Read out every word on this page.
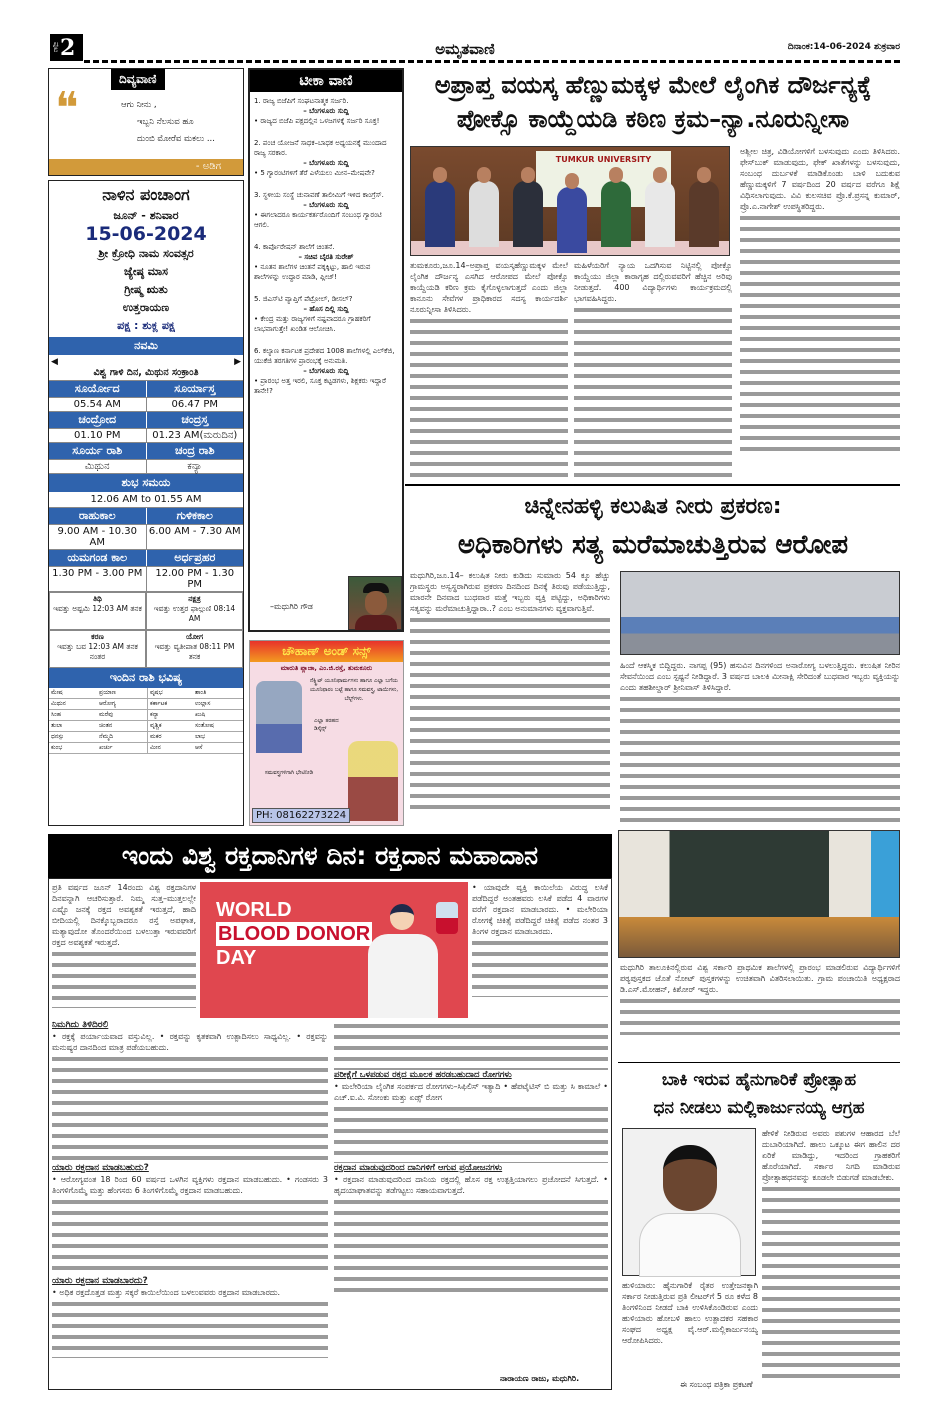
ಪುಟ 2	ಅಮೃತವಾಣಿ	ದಿನಾಂಕ:14-06-2024 ಶುಕ್ರವಾರ
ದಿವ್ಯವಾಣಿ
❝	ಆಗು ನೀನು ,
ಇಬ್ಬನಿ ನೆಲಸುವ ಹೂ
ದುಂಬಿ ಮೋರೆವ ಮಕಲು ...
- ಅಡಿಗ
ನಾಳಿನ ಪಂಚಾಂಗ
ಜೂನ್ - ಶನಿವಾರ
15-06-2024
ಶ್ರೀ ಕ್ರೋಧಿ ನಾಮ ಸಂವತ್ಸರ
ಜ್ಯೇಷ್ಠ ಮಾಸ
ಗ್ರೀಷ್ಮ ಋತು
ಉತ್ತರಾಯಣ
ಪಕ್ಷ : ಶುಕ್ಲ ಪಕ್ಷ
ನವಮಿ
◀	▶
ವಿಶ್ವ ಗಾಳಿ ದಿನ, ಮಿಥುನ ಸಂಕ್ರಾಂತಿ
ಸೂರ್ಯೋದ	ಸೂರ್ಯಾಸ್ತ
05.54 AM	06.47 PM
ಚಂದ್ರೋದ	ಚಂದ್ರಸ್ತ
01.10 PM	01.23 AM(ಮರುದಿನ)
ಸೂರ್ಯ ರಾಶಿ	ಚಂದ್ರ ರಾಶಿ
ಮಿಥುನ	ಕನ್ಯಾ
ಶುಭ ಸಮಯ
12.06 AM to 01.55 AM
ರಾಹುಕಾಲ	ಗುಳಿಕಕಾಲ
9.00 AM - 10.30 AM
6.00 AM - 7.30 AM
ಯಮಗಂಡ ಕಾಲ	ಅರ್ಧಪ್ರಹರ
1.30 PM - 3.00 PM	12.00 PM - 1.30 PM
ತಿಥಿ
ಇವತ್ತು ಅಷ್ಟಮಿ 12:03 AM ತನಕ
ನಕ್ಷತ್ರ
ಇವತ್ತು ಉತ್ತರ ಫಾಲ್ಗುಣಿ 08:14 AM
ಕರಣ
ಇವತ್ತು ಬವ 12:03 AM ತನಕ ನಂತರ
ಯೋಗ
ಇವತ್ತು ವ್ಯತೀಪಾತ 08:11 PM ತನಕ
ಇಂದಿನ ರಾಶಿ ಭವಿಷ್ಯ
ಮೇಷ	ಪ್ರಯಾಣ	ವೃಷಭ	ಶಾಂತಿ
ಮಿಥುನ	ಆರೋಗ್ಯ	ಕರ್ಕಾಟಕ	ಉಲ್ಲಾಸ
ಸಿಂಹ	ಮರೆವು	ಕನ್ಯಾ	ಖುಷಿ
ತುಲಾ	ಚಿಂತನ	ವೃಶ್ಚಿಕ	ಸಂತೋಷ
ಧನಸ್ಸು	ನೆಮ್ಮದಿ	ಮಕರ	ಲಾಭ
ಕುಂಭ	ಖರ್ಚು	ಮೀನ	ಆಸೆ
ಟೀಕಾ ವಾಣಿ
1. ರಾಜ್ಯ ಬಿಜೆಪಿಗೆ ಸಂಘಟನಾತ್ಮಕ ಸರ್ಜರಿ.
– ಬೆಂಗಳೂರು ಸುದ್ದಿ
• ರಾಜ್ಯದ ಬಿಜೆಪಿ ಪಕ್ಷದಲ್ಲಿನ ಒಳಜಗಳಕ್ಕೆ ಸರ್ಜರಿ ಸೂಕ್ತ!
2. ಪಂಚ ಯೋಜನೆ ಸಾಧಕ–ಬಾಧಕ ಅಧ್ಯಯನಕ್ಕೆ ಮುಂದಾದ ರಾಜ್ಯ ಸರಕಾರ.
– ಬೆಂಗಳೂರು ಸುದ್ದಿ
• 5 ಗ್ಯಾರಂಟಿಗಳಿಗೆ ತೆರೆ ಎಳೆಯಲು ಮೀನ–ಮೇಷವೇ?
3. ಸ್ಥಳೀಯ ಸಂಸ್ಥೆ ಚುನಾವಣೆ ತಾಲೀಮಿಗೆ ಇಳಿದ ಕಾಂಗ್ರೆಸ್.
– ಬೆಂಗಳೂರು ಸುದ್ದಿ
• ಈಗಲಾದರೂ ಕಾರ್ಯಕರ್ತರೊಂದಿಗೆ ಸಂಬಂಧ ಗ್ಯಾರಂಟಿ ಆಗಲಿ.
4. ಕಾರ್ಪೊರೇಷನ್ ಶಾಲೆಗೆ ಚಿಂತನೆ.
– ಸಚಿವ ಬೈರತಿ ಸುರೇಶ್
• ನೂತನ ಶಾಲೆಗಳ ಚಿಂತನೆ ಪಕ್ಕಕ್ಕಿಟ್ಟು, ಹಾಲಿ ಇರುವ ಶಾಲೆಗಳನ್ನು ಉದ್ಧಾರ ಮಾಡಿ, ಪ್ಲೀಜ್!
5. ಜಿಎಸ್‌ಟಿ ವ್ಯಾಪ್ತಿಗೆ ಪೆಟ್ರೋಲ್, ಡೀಸಲ್?
– ಹೊಸ ದಿಲ್ಲಿ ಸುದ್ದಿ
• ಕೇಂದ್ರ ಮತ್ತು ರಾಜ್ಯಗಳಿಗೆ ನಷ್ಟವಾದರೂ ಗ್ರಾಹಕರಿಗೆ ಲಾಭವಾಗುತ್ತೇ! ಖಂಡಿತ ಆಲೋಚಿಸಿ.
6. ಕಲ್ಯಾಣ ಕರ್ನಾಟಕ ಪ್ರದೇಶದ 1008 ಶಾಲೆಗಳಲ್ಲಿ ಎಲ್‌ಕೆಜಿ, ಯುಕೆಜಿ ತರಗತಿಗಳ ಪ್ರಾರಂಭಕ್ಕೆ ಅನುಮತಿ.
– ಬೆಂಗಳೂರು ಸುದ್ದಿ
• ಪ್ರಾರಂಭ ಅತ್ತ ಇರಲಿ, ಸೂಕ್ತ ಕಟ್ಟಡಗಳು, ಶಿಕ್ಷಕರು ಇದ್ದಾರೆ ತಾನೇ!?
–ಮಧುಗಿರಿ ಗೌಡ
ಚೌಹಾಣ್ ಅಂಡ್ ಸನ್ಸ್
ಮಾರುತಿ ಪ್ಲಾಜಾ, ಎಂ.ಜಿ.ರಸ್ತೆ, ತುಮಕೂರು
ನೆಕ್ಸ್ಟ್ರಿಟ್ ಯೂನಿಫಾರ್ಮಗಳು ಹಾಗೂ ಎಲ್ಲಾ ಬಗೆಯ ಯೂನಿಫಾರಂ ಬಟ್ಟೆ ಹಾಗೂ ಸಮವಸ್ತ್ರ, ಟಾಯಿಗಳು, ಬೆಲ್ಟ್‌ಗಳು.
ಎಲ್ಲಾ ತರಹದ ಡಿಸೈನ್ಸ್
ಸಮವಸ್ತ್ರಗಳಿಗಾಗಿ ಭೇಟಿನೀಡಿ
PH: 08162273224
ಅಪ್ರಾಪ್ತ ವಯಸ್ಕ ಹೆಣ್ಣುಮಕ್ಕಳ ಮೇಲೆ ಲೈಂಗಿಕ ದೌರ್ಜನ್ಯಕ್ಕೆ
ಪೋಕ್ಸೊ ಕಾಯ್ದೆಯಡಿ ಕಠಿಣ ಕ್ರಮ–ನ್ಯಾ.ನೂರುನ್ನೀಸಾ
TUMKUR UNIVERSITY
ತುಮಕೂರು,ಜೂ.14–ಅಪ್ರಾಪ್ತ ವಯಸ್ಕಹೆಣ್ಣುಮಕ್ಕಳ ಮೇಲೆ ಲೈಂಗಿಕ ದೌರ್ಜನ್ಯ ಎಸಗಿದ ಆರೋಪದ ಮೇಲೆ ಪೋಕ್ಸೊ ಕಾಯ್ದೆಯಡಿ ಕಠಿಣ ಕ್ರಮ ಕೈಗೊಳ್ಳಲಾಗುತ್ತದೆ ಎಂದು ಜಿಲ್ಲಾ ಕಾನೂನು ಸೇವೆಗಳ ಪ್ರಾಧಿಕಾರದ ಸದಸ್ಯ ಕಾರ್ಯದರ್ಶಿ ನೂರುನ್ನೀಸಾ ತಿಳಿಸಿದರು.
ಮಹಿಳೆಯರಿಗೆ ನ್ಯಾಯ ಒದಗಿಸುವ ನಿಟ್ಟಿನಲ್ಲಿ ಪೋಕ್ಸೊ ಕಾಯ್ದೆಯು ಜಿಲ್ಲಾ ಕಾರಾಗೃಹ ದಲ್ಲಿರುವವರಿಗೆ ಹೆಚ್ಚಿನ ಅರಿವು ನೀಡುತ್ತದೆ. 400 ವಿದ್ಯಾರ್ಥಿಗಳು ಕಾರ್ಯಕ್ರಮದಲ್ಲಿ ಭಾಗವಹಿಸಿದ್ದರು.
ಅಶ್ಲೀಲ ಚಿತ್ರ, ವಿಡಿಯೋಗಳಿಗೆ ಬಳಸುವುದು ಎಂದು ತಿಳಿಸಿದರು. ಫೇಸ್‌ಬುಕ್ ಮಾಡುವುದು, ಫೇಕ್ ಖಾತೆಗಳನ್ನು ಬಳಸುವುದು, ಸಂಬಂಧ ದುರ್ಬಳಕೆ ಮಾಡಿಕೊಂಡು ಬಾಳಿ ಬದುಕುವ ಹೆಣ್ಣುಮಕ್ಕಳಿಗೆ 7 ವರ್ಷದಿಂದ 20 ವರ್ಷದ ವರೆಗೂ ಶಿಕ್ಷೆ ವಿಧಿಸಲಾಗುವುದು. ವಿವಿ ಕುಲಸಚಿವ ಪ್ರೊ.ಕೆ.ಪ್ರಸನ್ನ ಕುಮಾರ್, ಪ್ರೊ.ಎ.ನಾಗೇಶ್ ಉಪಸ್ಥಿತರಿದ್ದರು.
ಚಿನ್ನೇನಹಳ್ಳಿ ಕಲುಷಿತ ನೀರು ಪ್ರಕರಣ:
ಅಧಿಕಾರಿಗಳು ಸತ್ಯ ಮರೆಮಾಚುತ್ತಿರುವ ಆರೋಪ
ಮಧುಗಿರಿ,ಜೂ.14– ಕಲುಷಿತ ನೀರು ಕುಡಿದು ಸುಮಾರು 54 ಕ್ಕೂ ಹೆಚ್ಚು ಗ್ರಾಮಸ್ಥರು ಅಸ್ವಸ್ಥರಾಗಿರುವ ಪ್ರಕರಣ ದಿನದಿಂದ ದಿನಕ್ಕೆ ತಿರುವು ಪಡೆಯುತ್ತಿದ್ದು, ಮಾರನೇ ದಿನವಾದ ಬುಧವಾರ ಮತ್ತೆ ಇಬ್ಬರು ವ್ಯಕ್ತಿ ಪಟ್ಟಿದ್ದು, ಅಧಿಕಾರಿಗಳು ಸತ್ಯವನ್ನು ಮರೆಮಾಚುತ್ತಿದ್ದಾರಾ..? ಎಂಬ ಅನುಮಾನಗಳು ವ್ಯಕ್ತವಾಗುತ್ತಿವೆ.
ಹಿಂದೆ ಆಕಸ್ಮಿಕ ಬಿದ್ದಿದ್ದರು. ನಾಗಪ್ಪ (95) ಹಸುವಿನ ದಿನಗಳಿಂದ ಅನಾರೋಗ್ಯ ಬಳಲುತ್ತಿದ್ದರು. ಕಲುಷಿತ ನೀರಿನ ಸೇವನೆಯಿಂದ ಎಂಬ ಸ್ಪಷ್ಟನೆ ನೀಡಿದ್ದಾರೆ. 3 ವರ್ಷದ ಬಾಲಕಿ ಮೀನಾಕ್ಷಿ ಸೇರಿದಂತೆ ಬುಧವಾರ ಇಬ್ಬರು ವ್ಯಕ್ತಿಯನ್ನು ಎಂದು ತಹಶೀಲ್ದಾರ್ ಶ್ರೀನಿವಾಸ್ ತಿಳಿಸಿದ್ದಾರೆ.
ಇಂದು ವಿಶ್ವ ರಕ್ತದಾನಿಗಳ ದಿನ: ರಕ್ತದಾನ ಮಹಾದಾನ
WORLD
BLOOD DONOR
DAY
ಪ್ರತಿ ವರ್ಷದ ಜೂನ್ 14ರಂದು ವಿಶ್ವ ರಕ್ತದಾನಿಗಳ ದಿನವನ್ನಾಗಿ ಆಚರಿಸುತ್ತಾರೆ. ನಿಮ್ಮ ಸುತ್ತ–ಮುತ್ತಲಲ್ಲೇ ಎಷ್ಟೊ ಜನಕ್ಕೆ ರಕ್ತದ ಅವಶ್ಯಕತೆ ಇರುತ್ತದೆ, ಹಾದಿ ಬೀದಿಯಲ್ಲಿ ದಿನಕ್ಕೊಬ್ಬರಾದರೂ ರಸ್ತೆ ಅಪಘಾತ, ಮತ್ಯಾವುದೋ ತೊಂದರೆಯಿಂದ ಬಳಲುತ್ತಾ ಇರುವವರಿಗೆ ರಕ್ತದ ಅವಶ್ಯಕತೆ ಇರುತ್ತದೆ.
ನಿಮಗಿದು ತಿಳಿದಿರಲಿ
• ರಕ್ತಕ್ಕೆ ಪರ್ಯಾಯವಾದ ವಸ್ತುವಿಲ್ಲ. • ರಕ್ತವನ್ನು ಕೃತಕವಾಗಿ ಉತ್ಪಾದಿಸಲು ಸಾಧ್ಯವಿಲ್ಲ. • ರಕ್ತವನ್ನು ಮನುಷ್ಯರ ದಾನದಿಂದ ಮಾತ್ರ ಪಡೆಯಬಹುದು.
ಯಾರು ರಕ್ತದಾನ ಮಾಡಬಹುದು?
• ಆರೋಗ್ಯವಂತ 18 ರಿಂದ 60 ವರ್ಷದ ಒಳಗಿನ ವ್ಯಕ್ತಿಗಳು ರಕ್ತದಾನ ಮಾಡಬಹುದು. • ಗಂಡಸರು 3 ತಿಂಗಳಿಗೊಮ್ಮೆ ಮತ್ತು ಹೆಂಗಸರು 6 ತಿಂಗಳಿಗೊಮ್ಮೆ ರಕ್ತದಾನ ಮಾಡಬಹುದು.
ಯಾರು ರಕ್ತದಾನ ಮಾಡಬಾರದು?
• ಅಧಿಕ ರಕ್ತದೊತ್ತಡ ಮತ್ತು ಸಕ್ಕರೆ ಕಾಯಿಲೆಯಿಂದ ಬಳಲುವವರು ರಕ್ತದಾನ ಮಾಡಬಾರದು.
• ಯಾವುದೇ ವ್ಯಕ್ತಿ ಕಾಯಿಲೆಯ ವಿರುದ್ಧ ಲಸಿಕೆ ಪಡೆದಿದ್ದರೆ ಅಂತಹವರು ಲಸಿಕೆ ಪಡೆದ 4 ವಾರಗಳ ವರೆಗೆ ರಕ್ತದಾನ ಮಾಡಬಾರದು. • ಮಲೇರಿಯಾ ರೋಗಕ್ಕೆ ಚಿಕಿತ್ಸೆ ಪಡೆದಿದ್ದರೆ ಚಿಕಿತ್ಸೆ ಪಡೆದ ನಂತರ 3 ತಿಂಗಳ ರಕ್ತದಾನ ಮಾಡಬಾರದು.
ಪರೀಕ್ಷೆಗೆ ಒಳಪಡುವ ರಕ್ತದ ಮೂಲಕ ಹರಡಬಹುದಾದ ರೋಗಗಳು
• ಮಲೇರಿಯಾ ಲೈಂಗಿಕ ಸಂಪರ್ಕದ ರೋಗಗಳು–ಸಿಫಿಲಿಸ್ ಇತ್ಯಾದಿ • ಹೆಪಟೈಟಿಸ್ ಬಿ ಮತ್ತು ಸಿ ಕಾಮಾಲೆ • ಎಚ್.ಐ.ವಿ. ಸೋಂಕು ಮತ್ತು ಏಡ್ಸ್ ರೋಗ
ರಕ್ತದಾನ ಮಾಡುವುದರಿಂದ ದಾನಿಗಳಿಗೆ ಆಗುವ ಪ್ರಯೋಜನಗಳು
• ರಕ್ತದಾನ ಮಾಡುವುದರಿಂದ ದಾನಿಯ ರಕ್ತದಲ್ಲಿ ಹೊಸ ರಕ್ತ ಉತ್ಪತ್ತಿಯಾಗಲು ಪ್ರಚೋದನೆ ಸಿಗುತ್ತದೆ. • ಹೃದಯಾಘಾತವನ್ನು ತಡೆಗಟ್ಟಲು ಸಹಾಯವಾಗುತ್ತದೆ.
ನಾರಾಯಣ ರಾಜು, ಮಧುಗಿರಿ.
ಮಧುಗಿರಿ ತಾಲೂಕಿನಲ್ಲಿರುವ ವಿಶ್ವ ಸರ್ಕಾರಿ ಪ್ರಾಥಮಿಕ ಶಾಲೆಗಳಲ್ಲಿ ಪ್ರಾರಂಭ ಮಾಡಲಿರುವ ವಿದ್ಯಾರ್ಥಿಗಳಿಗೆ ಪಠ್ಯಪುಸ್ತಕದ ಜೊತೆ ನೋಟ್ ಪುಸ್ತಕಗಳನ್ನು ಉಚಿತವಾಗಿ ವಿತರಿಸಲಾಯಿತು. ಗ್ರಾಮ ಪಂಚಾಯಿತಿ ಅಧ್ಯಕ್ಷರಾದ ಡಿ.ಎಸ್.ಮೋಹನ್, ಕಿಶೋರ್ ಇದ್ದರು.
ಬಾಕಿ ಇರುವ ಹೈನುಗಾರಿಕೆ ಪ್ರೋತ್ಸಾಹ
ಧನ ನೀಡಲು ಮಲ್ಲಿಕಾರ್ಜುನಯ್ಯ ಆಗ್ರಹ
ಹೇಳಿಕೆ ನೀಡಿರುವ ಅವರು ಪಶುಗಳ ಆಹಾರದ ಬೆಲೆ ದುಬಾರಿಯಾಗಿದೆ. ಹಾಲು ಒಕ್ಕೂಟ ಈಗ ಹಾಲಿನ ದರ ಏರಿಕೆ ಮಾಡಿದ್ದು, ಇದರಿಂದ ಗ್ರಾಹಕರಿಗೆ ಹೊರೆಯಾಗಿದೆ. ಸರ್ಕಾರ ನಿಗದಿ ಮಾಡಿರುವ ಪ್ರೋತ್ಸಾಹಧನವನ್ನು ಕೂಡಲೇ ಬಿಡುಗಡೆ ಮಾಡಬೇಕು.
ಹುಳಿಯಾರು: ಹೈನುಗಾರಿಕೆ ರೈತರ ಉತ್ತೇಜನಕ್ಕಾಗಿ ಸರ್ಕಾರ ನೀಡುತ್ತಿರುವ ಪ್ರತಿ ಲೀಟರ್‌ಗೆ 5 ರೂ ಕಳೆದ 8 ತಿಂಗಳಿನಿಂದ ನೀಡದೆ ಬಾಕಿ ಉಳಿಸಿಕೊಂಡಿರುವ ಎಂದು ಹುಳಿಯಾರು ಹೋಬಳಿ ಹಾಲು ಉತ್ಪಾದಕರ ಸಹಕಾರ ಸಂಘದ ಅಧ್ಯಕ್ಷ ವೈ.ಆರ್.ಮಲ್ಲಿಕಾರ್ಜುನಯ್ಯ ಆರೋಪಿಸಿದರು.
ಈ ಸಂಬಂಧ ಪತ್ರಿಕಾ ಪ್ರಕಟಣೆ
